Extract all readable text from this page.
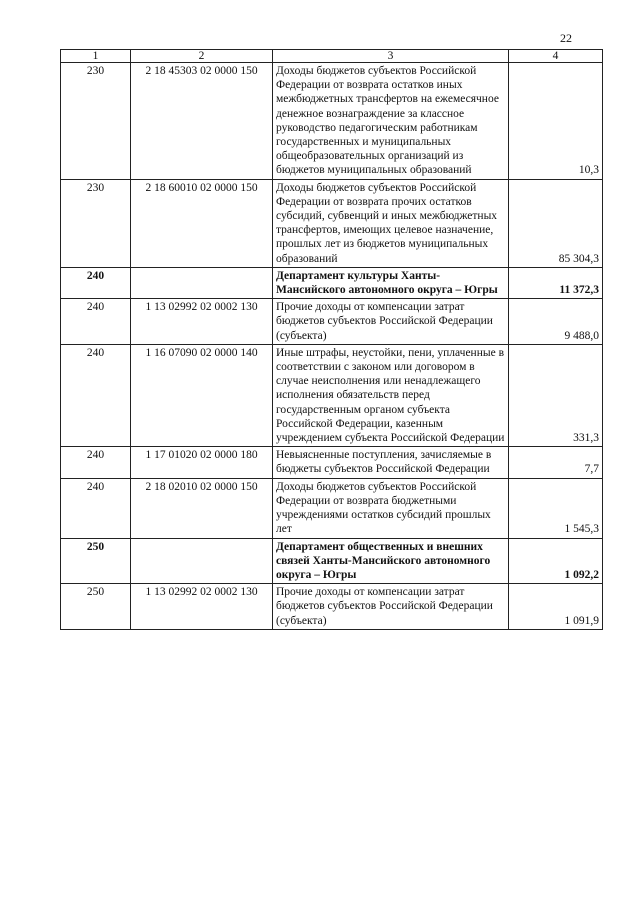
22
1	2	3	4
230	2 18 45303 02 0000 150	Доходы бюджетов субъектов Российской Федерации от возврата остатков иных межбюджетных трансфертов на ежемесячное денежное вознаграждение за классное руководство педагогическим работникам государственных и муниципальных общеобразовательных организаций из бюджетов муниципальных образований	10,3
230	2 18 60010 02 0000 150	Доходы бюджетов субъектов Российской Федерации от возврата прочих остатков субсидий, субвенций и иных межбюджетных трансфертов, имеющих целевое назначение, прошлых лет из бюджетов муниципальных образований	85 304,3
240		Департамент культуры Ханты-Мансийского автономного округа – Югры	11 372,3
240	1 13 02992 02 0002 130	Прочие доходы от компенсации затрат бюджетов субъектов Российской Федерации (субъекта)	9 488,0
240	1 16 07090 02 0000 140	Иные штрафы, неустойки, пени, уплаченные в соответствии с законом или договором в случае неисполнения или ненадлежащего исполнения обязательств перед государственным органом субъекта Российской Федерации, казенным учреждением субъекта Российской Федерации	331,3
240	1 17 01020 02 0000 180	Невыясненные поступления, зачисляемые в бюджеты субъектов Российской Федерации	7,7
240	2 18 02010 02 0000 150	Доходы бюджетов субъектов Российской Федерации от возврата бюджетными учреждениями остатков субсидий прошлых лет	1 545,3
250		Департамент общественных и внешних связей Ханты-Мансийского автономного округа – Югры	1 092,2
250	1 13 02992 02 0002 130	Прочие доходы от компенсации затрат бюджетов субъектов Российской Федерации (субъекта)	1 091,9
